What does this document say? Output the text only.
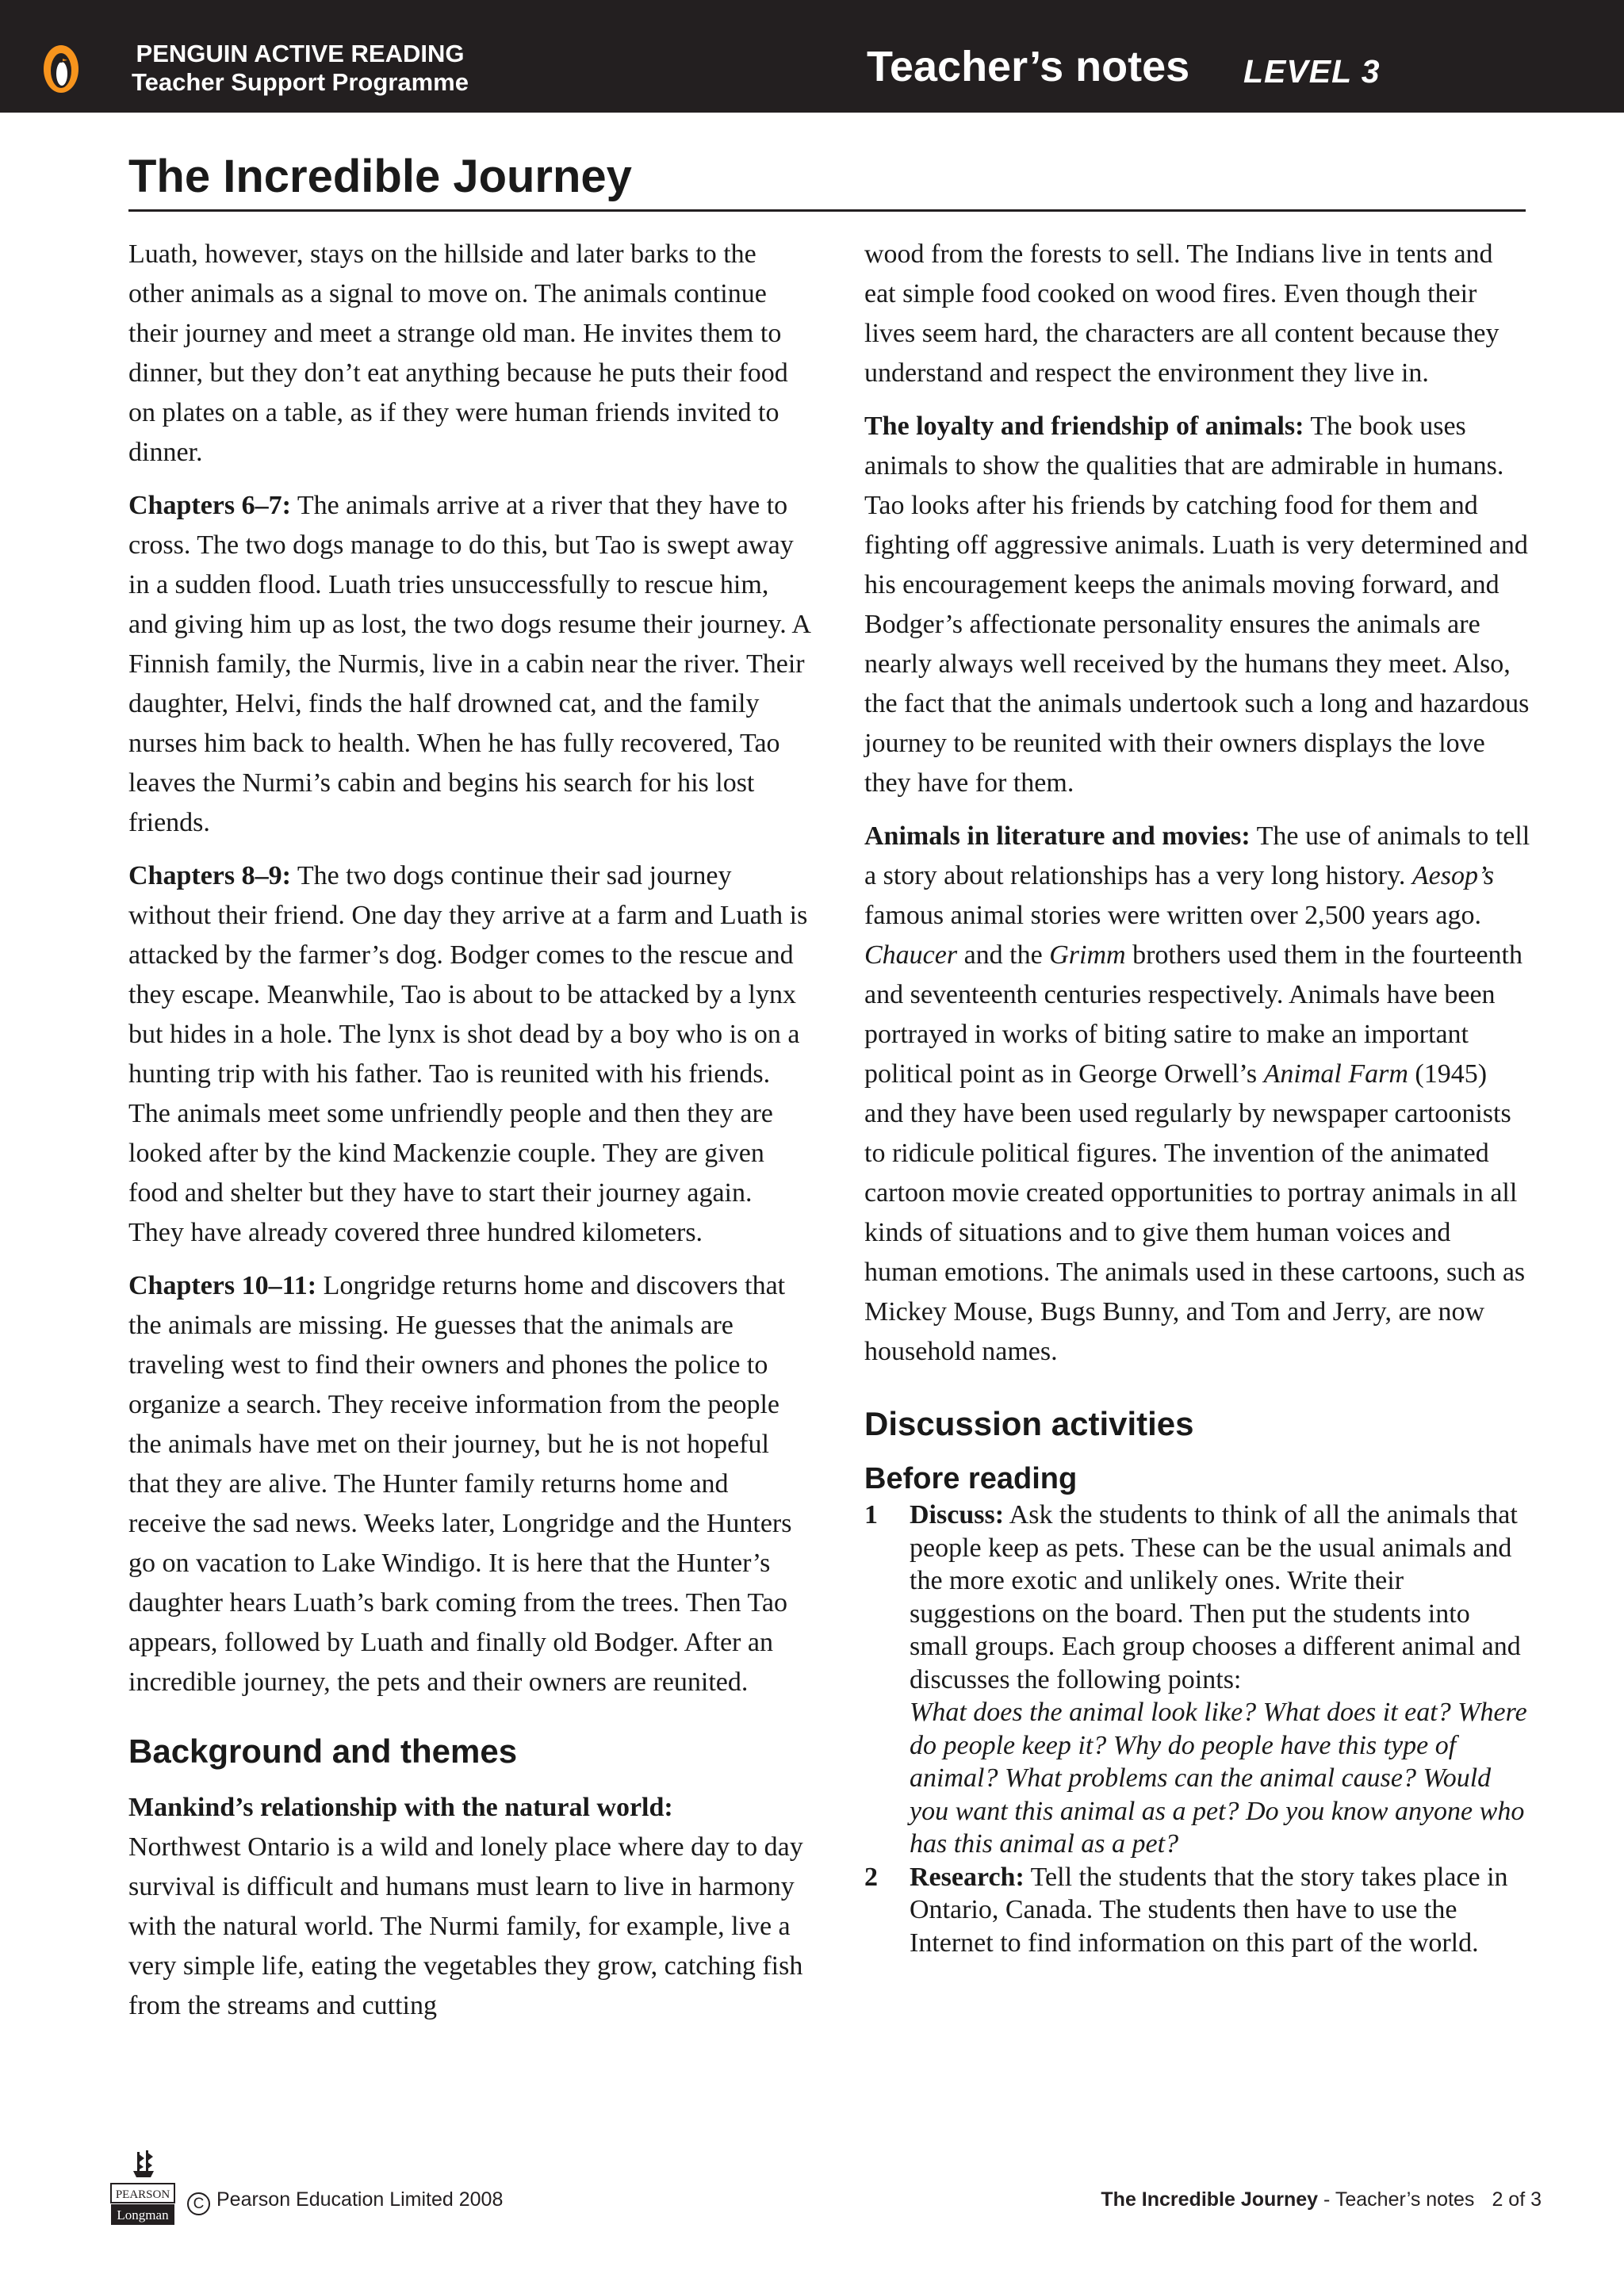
PENGUIN ACTIVE READING
Teacher Support Programme	Teacher’s notes LEVEL 3
The Incredible Journey

Luath, however, stays on the hillside and later barks to the other animals as a signal to move on. The animals continue their journey and meet a strange old man. He invites them to dinner, but they don’t eat anything because he puts their food on plates on a table, as if they were human friends invited to dinner.

Chapters 6–7: The animals arrive at a river that they have to cross. The two dogs manage to do this, but Tao is swept away in a sudden flood. Luath tries unsuccessfully to rescue him, and giving him up as lost, the two dogs resume their journey. A Finnish family, the Nurmis, live in a cabin near the river. Their daughter, Helvi, finds the half drowned cat, and the family nurses him back to health. When he has fully recovered, Tao leaves the Nurmi’s cabin and begins his search for his lost friends.

Chapters 8–9: The two dogs continue their sad journey without their friend. One day they arrive at a farm and Luath is attacked by the farmer’s dog. Bodger comes to the rescue and they escape. Meanwhile, Tao is about to be attacked by a lynx but hides in a hole. The lynx is shot dead by a boy who is on a hunting trip with his father. Tao is reunited with his friends. The animals meet some unfriendly people and then they are looked after by the kind Mackenzie couple. They are given food and shelter but they have to start their journey again. They have already covered three hundred kilometers.

Chapters 10–11: Longridge returns home and discovers that the animals are missing. He guesses that the animals are traveling west to find their owners and phones the police to organize a search. They receive information from the people the animals have met on their journey, but he is not hopeful that they are alive. The Hunter family returns home and receive the sad news. Weeks later, Longridge and the Hunters go on vacation to Lake Windigo. It is here that the Hunter’s daughter hears Luath’s bark coming from the trees. Then Tao appears, followed by Luath and finally old Bodger. After an incredible journey, the pets and their owners are reunited.

Background and themes

Mankind’s relationship with the natural world:
Northwest Ontario is a wild and lonely place where day to day survival is difficult and humans must learn to live in harmony with the natural world. The Nurmi family, for example, live a very simple life, eating the vegetables they grow, catching fish from the streams and cutting

wood from the forests to sell. The Indians live in tents and eat simple food cooked on wood fires. Even though their lives seem hard, the characters are all content because they understand and respect the environment they live in.

The loyalty and friendship of animals: The book uses animals to show the qualities that are admirable in humans. Tao looks after his friends by catching food for them and fighting off aggressive animals. Luath is very determined and his encouragement keeps the animals moving forward, and Bodger’s affectionate personality ensures the animals are nearly always well received by the humans they meet. Also, the fact that the animals undertook such a long and hazardous journey to be reunited with their owners displays the love they have for them.

Animals in literature and movies: The use of animals to tell a story about relationships has a very long history. Aesop’s famous animal stories were written over 2,500 years ago. Chaucer and the Grimm brothers used them in the fourteenth and seventeenth centuries respectively. Animals have been portrayed in works of biting satire to make an important political point as in George Orwell’s Animal Farm (1945) and they have been used regularly by newspaper cartoonists to ridicule political figures. The invention of the animated cartoon movie created opportunities to portray animals in all kinds of situations and to give them human voices and human emotions. The animals used in these cartoons, such as Mickey Mouse, Bugs Bunny, and Tom and Jerry, are now household names.

Discussion activities
Before reading
1	Discuss: Ask the students to think of all the animals that people keep as pets. These can be the usual animals and the more exotic and unlikely ones. Write their suggestions on the board. Then put the students into small groups. Each group chooses a different animal and discusses the following points:
What does the animal look like? What does it eat? Where do people keep it? Why do people have this type of animal? What problems can the animal cause? Would you want this animal as a pet? Do you know anyone who has this animal as a pet?
2	Research: Tell the students that the story takes place in Ontario, Canada. The students then have to use the Internet to find information on this part of the world.
PEARSON
Longman
C Pearson Education Limited 2008	The Incredible Journey - Teacher’s notes 2 of 3
